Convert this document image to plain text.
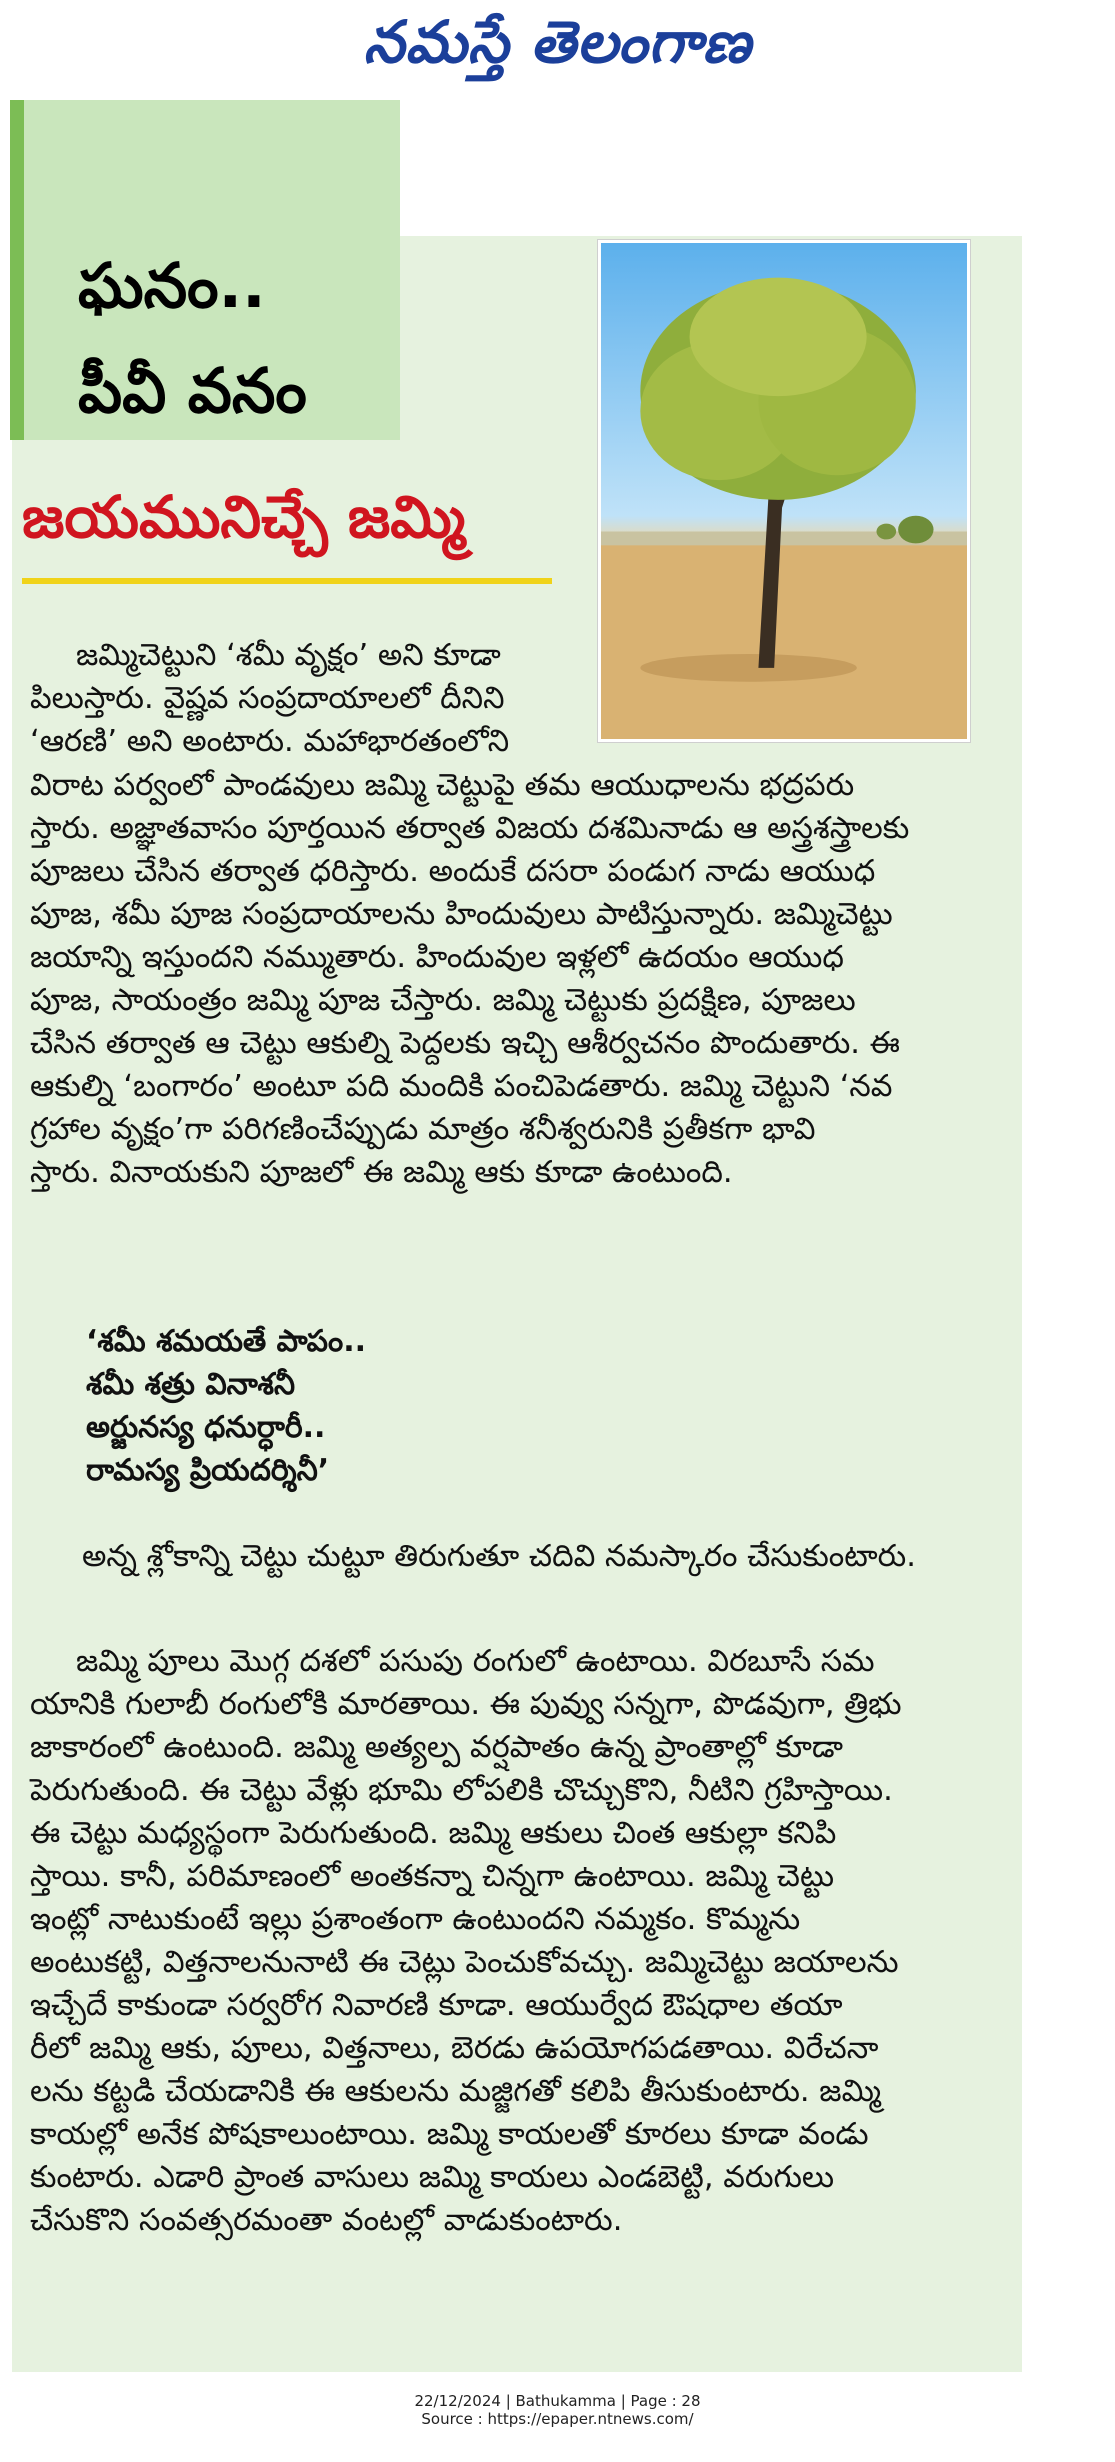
నమస్తే తెలంగాణ
ఘనం..
పీవీ వనం
జయమునిచ్చే జమ్మి
జమ్మిచెట్టుని ‘శమీ వృక్షం’ అని కూడా
పిలుస్తారు. వైష్ణవ సంప్రదాయాలలో దీనిని
‘ఆరణి’ అని అంటారు. మహాభారతంలోని
విరాట పర్వంలో పాండవులు జమ్మి చెట్టుపై తమ ఆయుధాలను భద్రపరు
స్తారు. అజ్ఞాతవాసం పూర్తయిన తర్వాత విజయ దశమినాడు ఆ అస్త్రశస్త్రాలకు
పూజలు చేసిన తర్వాత ధరిస్తారు. అందుకే దసరా పండుగ నాడు ఆయుధ
పూజ, శమీ పూజ సంప్రదాయాలను హిందువులు పాటిస్తున్నారు. జమ్మిచెట్టు
జయాన్ని ఇస్తుందని నమ్ముతారు. హిందువుల ఇళ్లలో ఉదయం ఆయుధ
పూజ, సాయంత్రం జమ్మి పూజ చేస్తారు. జమ్మి చెట్టుకు ప్రదక్షిణ, పూజలు
చేసిన తర్వాత ఆ చెట్టు ఆకుల్ని పెద్దలకు ఇచ్చి ఆశీర్వచనం పొందుతారు. ఈ
ఆకుల్ని ‘బంగారం’ అంటూ పది మందికి పంచిపెడతారు. జమ్మి చెట్టుని ‘నవ
గ్రహాల వృక్షం’గా పరిగణించేప్పుడు మాత్రం శనీశ్వరునికి ప్రతీకగా భావి
స్తారు. వినాయకుని పూజలో ఈ జమ్మి ఆకు కూడా ఉంటుంది.
‘శమీ శమయతే పాపం..
శమీ శత్రు వినాశనీ
అర్జునస్య ధనుర్ధారీ..
రామస్య ప్రియదర్శినీ’
అన్న శ్లోకాన్ని చెట్టు చుట్టూ తిరుగుతూ చదివి నమస్కారం చేసుకుంటారు.
జమ్మి పూలు మొగ్గ దశలో పసుపు రంగులో ఉంటాయి. విరబూసే సమ
యానికి గులాబీ రంగులోకి మారతాయి. ఈ పువ్వు సన్నగా, పొడవుగా, త్రిభు
జాకారంలో ఉంటుంది. జమ్మి అత్యల్ప వర్షపాతం ఉన్న ప్రాంతాల్లో కూడా
పెరుగుతుంది. ఈ చెట్టు వేళ్లు భూమి లోపలికి చొచ్చుకొని, నీటిని గ్రహిస్తాయి.
ఈ చెట్టు మధ్యస్థంగా పెరుగుతుంది. జమ్మి ఆకులు చింత ఆకుల్లా కనిపి
స్తాయి. కానీ, పరిమాణంలో అంతకన్నా చిన్నగా ఉంటాయి. జమ్మి చెట్టు
ఇంట్లో నాటుకుంటే ఇల్లు ప్రశాంతంగా ఉంటుందని నమ్మకం. కొమ్మను
అంటుకట్టి, విత్తనాలనునాటి ఈ చెట్లు పెంచుకోవచ్చు. జమ్మిచెట్టు జయాలను
ఇచ్చేదే కాకుండా సర్వరోగ నివారణి కూడా. ఆయుర్వేద ఔషధాల తయా
రీలో జమ్మి ఆకు, పూలు, విత్తనాలు, బెరడు ఉపయోగపడతాయి. విరేచనా
లను కట్టడి చేయడానికి ఈ ఆకులను మజ్జిగతో కలిపి తీసుకుంటారు. జమ్మి
కాయల్లో అనేక పోషకాలుంటాయి. జమ్మి కాయలతో కూరలు కూడా వండు
కుంటారు. ఎడారి ప్రాంత వాసులు జమ్మి కాయలు ఎండబెట్టి, వరుగులు
చేసుకొని సంవత్సరమంతా వంటల్లో వాడుకుంటారు.
22/12/2024 | Bathukamma | Page : 28
Source : https://epaper.ntnews.com/
